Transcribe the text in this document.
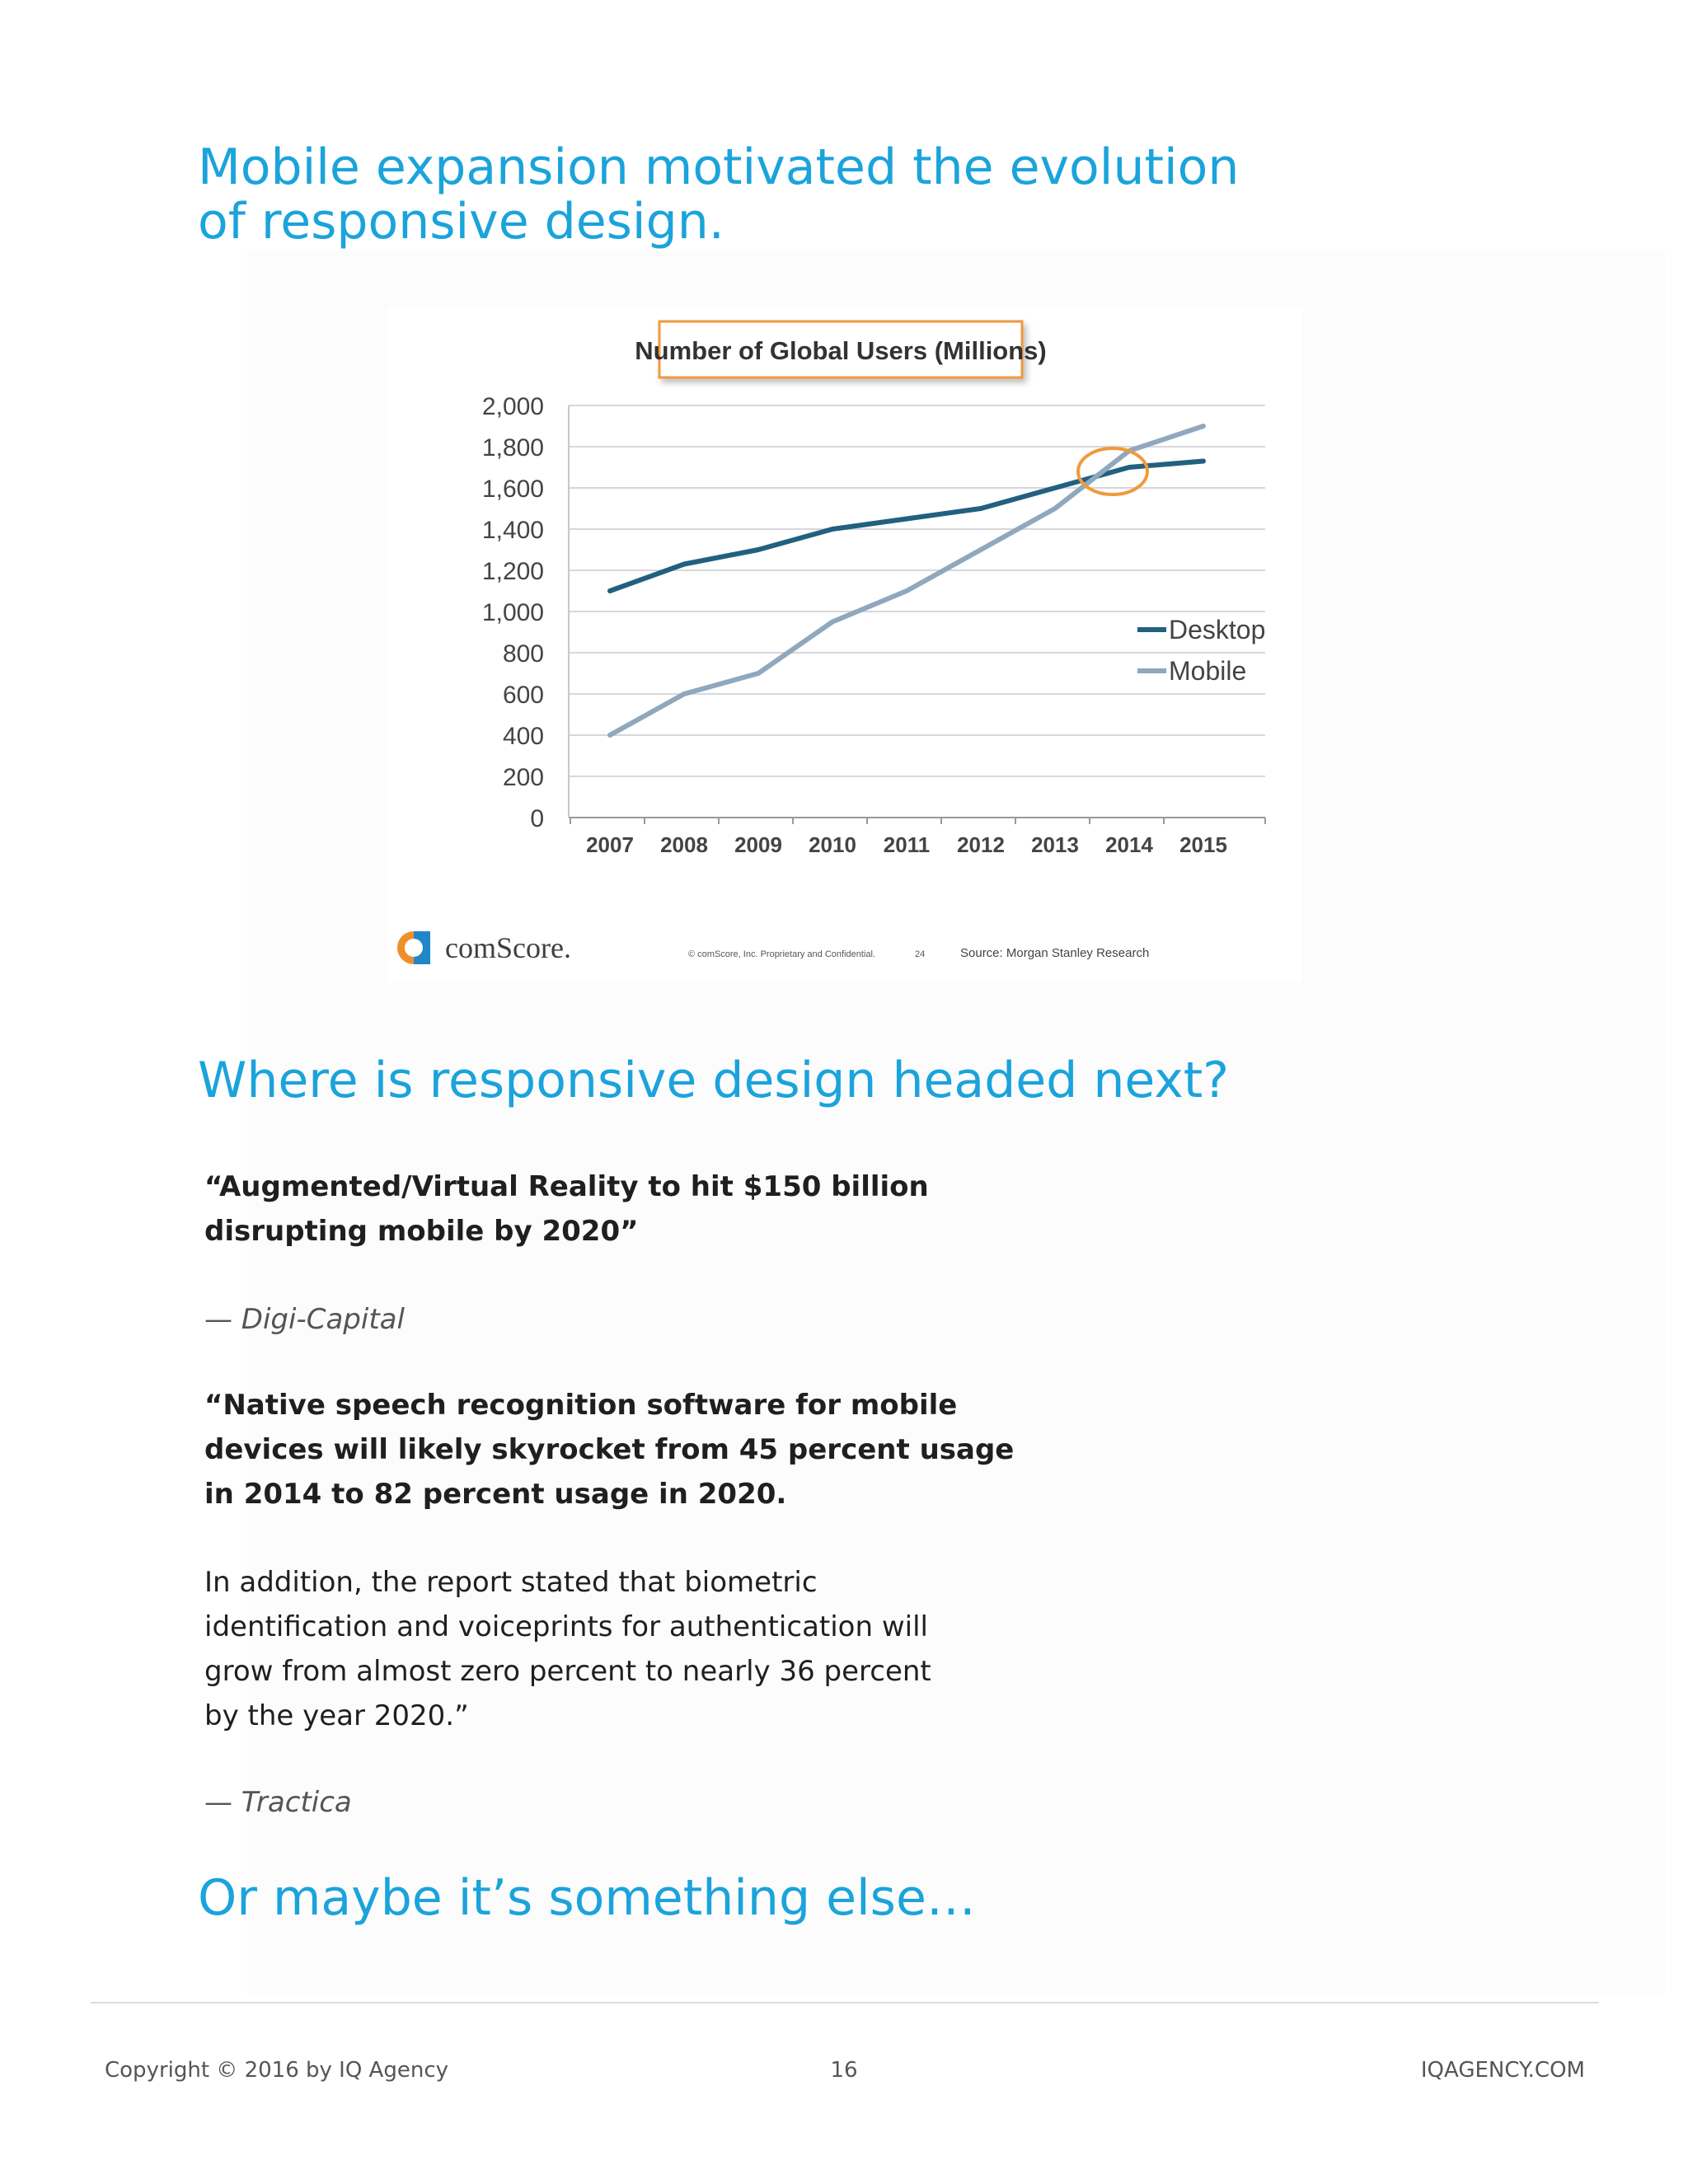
Mobile expansion motivated the evolution
of responsive design.
0
200
400
600
800
1,000
1,200
1,400
1,600
1,800
2,000
2007 2008 2009 2010 2011 2012 2013 2014 2015
Desktop
Mobile
comScore.	© comScore, Inc. Proprietary and Confidential.	24	Source: Morgan Stanley Research
Number of Global Users (Millions)

Where is responsive design headed next?

“Augmented/Virtual Reality to hit $150 billion
disrupting mobile by 2020”

— Digi-Capital

“Native speech recognition software for mobile
devices will likely skyrocket from 45 percent usage
in 2014 to 82 percent usage in 2020.

In addition, the report stated that biometric
identification and voiceprints for authentication will
grow from almost zero percent to nearly 36 percent
by the year 2020.”

— Tractica

Or maybe it’s something else…

Copyright © 2016 by IQ Agency	16	IQAGENCY.COM
